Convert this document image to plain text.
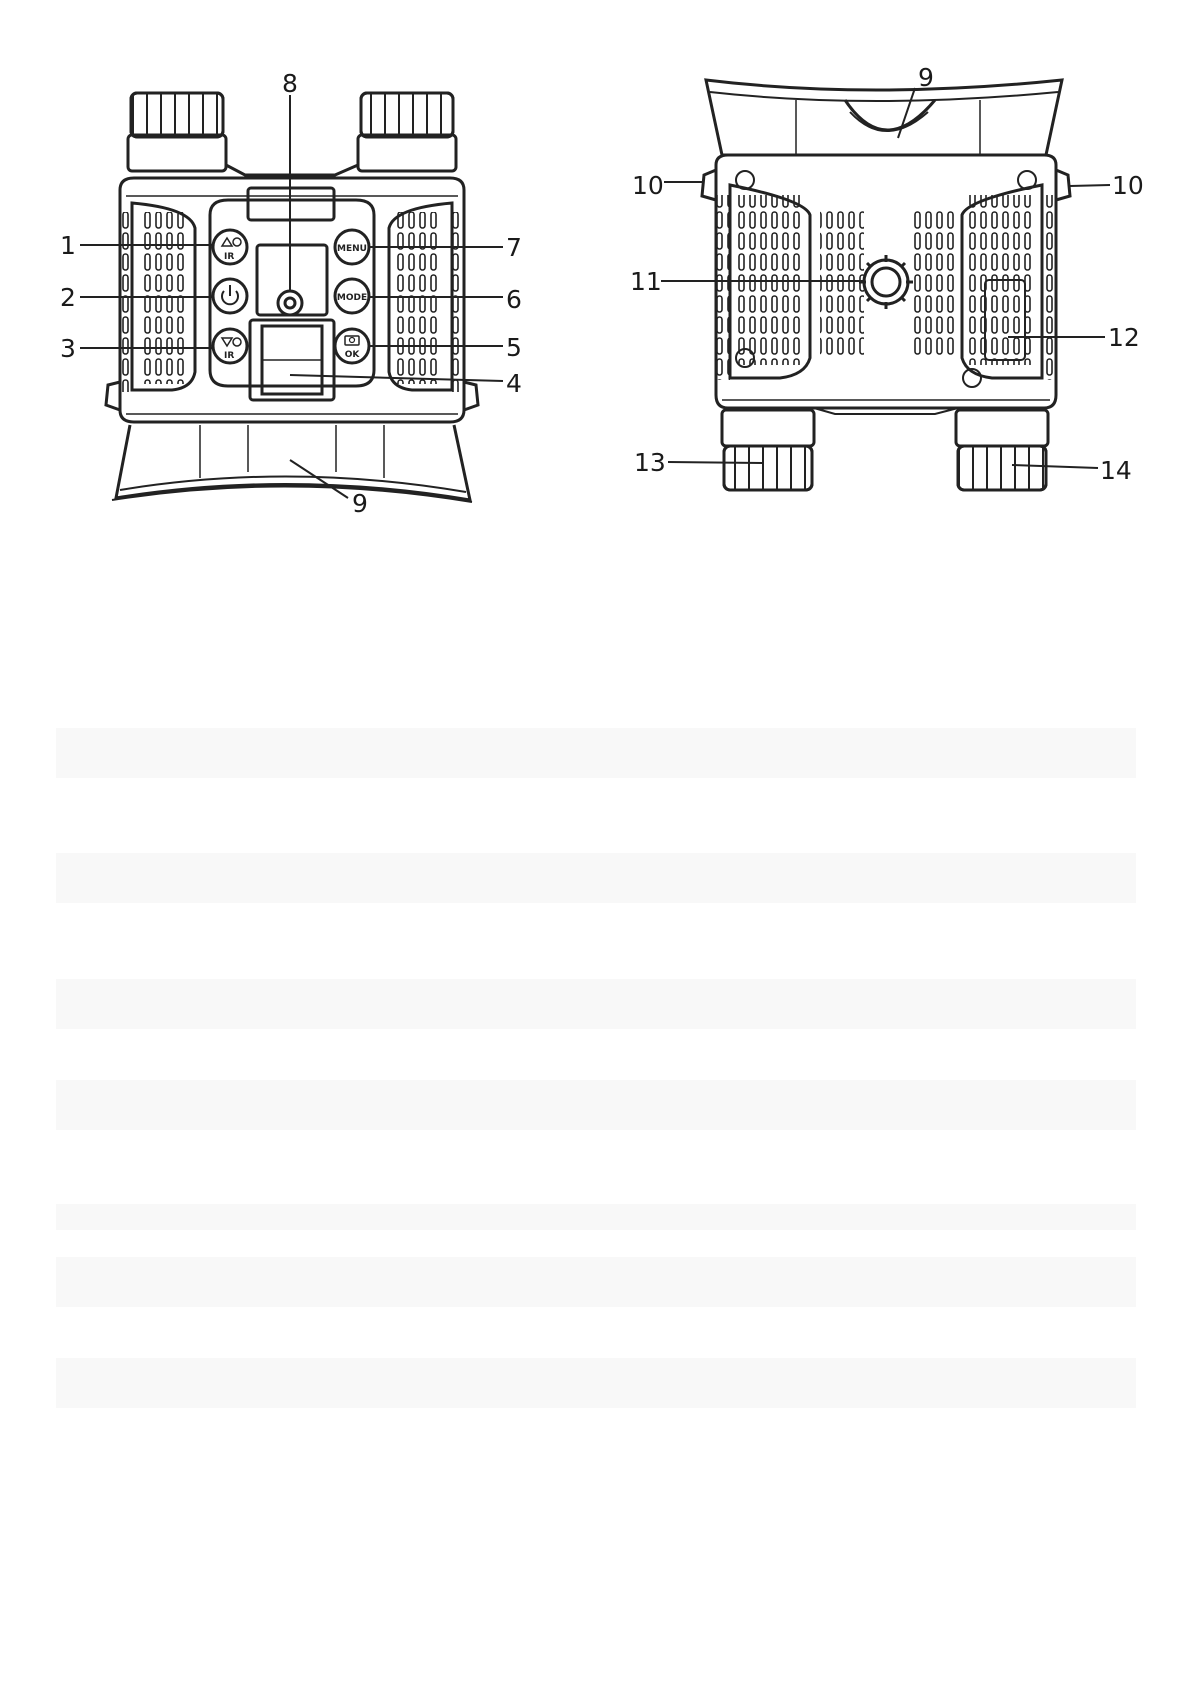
IR
IR
MENU
MODE
OK
1
2
3
4
5
6
7
8
9
9
10	10
11
12
13	14
